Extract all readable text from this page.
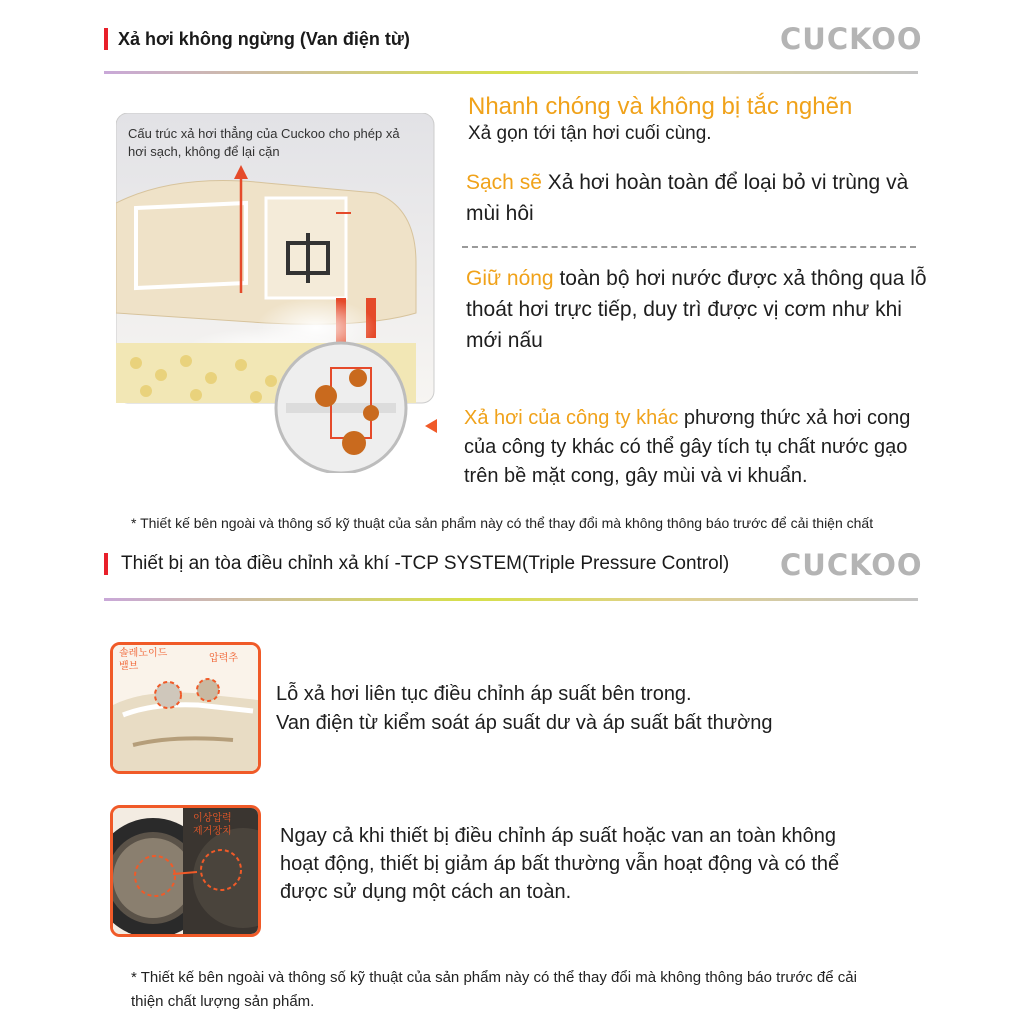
Xả hơi không ngừng (Van điện từ)	CUCKOO
Cấu trúc xả hơi thẳng của Cuckoo cho phép xả hơi sạch, không để lại cặn
Nhanh chóng và không bị tắc nghẽn
Xả gọn tới tận hơi cuối cùng.
Sạch sẽ Xả hơi hoàn toàn để loại bỏ vi trùng và mùi hôi
Giữ nóng toàn bộ hơi nước được xả thông qua lỗ thoát hơi trực tiếp, duy trì được vị cơm như khi mới nấu
Xả hơi của công ty khác phương thức xả hơi cong của công ty khác có thể gây tích tụ chất nước gạo trên bề mặt cong, gây mùi và vi khuẩn.
* Thiết kế bên ngoài và thông số kỹ thuật của sản phẩm này có thể thay đổi mà không thông báo trước để cải thiện chất
Thiết bị an tòa điều chỉnh xả khí -TCP SYSTEM(Triple Pressure Control) CUCKOO
솔레노이드
밸브
압력추
Lỗ xả hơi liên tục điều chỉnh áp suất bên trong.
Van điện từ kiểm soát áp suất dư và áp suất bất thường
이상압력
제거장치 Ngay cả khi thiết bị điều chỉnh áp suất hoặc van an toàn không
hoạt động, thiết bị giảm áp bất thường vẫn hoạt động và có thể
được sử dụng một cách an toàn.
* Thiết kế bên ngoài và thông số kỹ thuật của sản phẩm này có thể thay đổi mà không thông báo trước để cải
thiện chất lượng sản phẩm.
